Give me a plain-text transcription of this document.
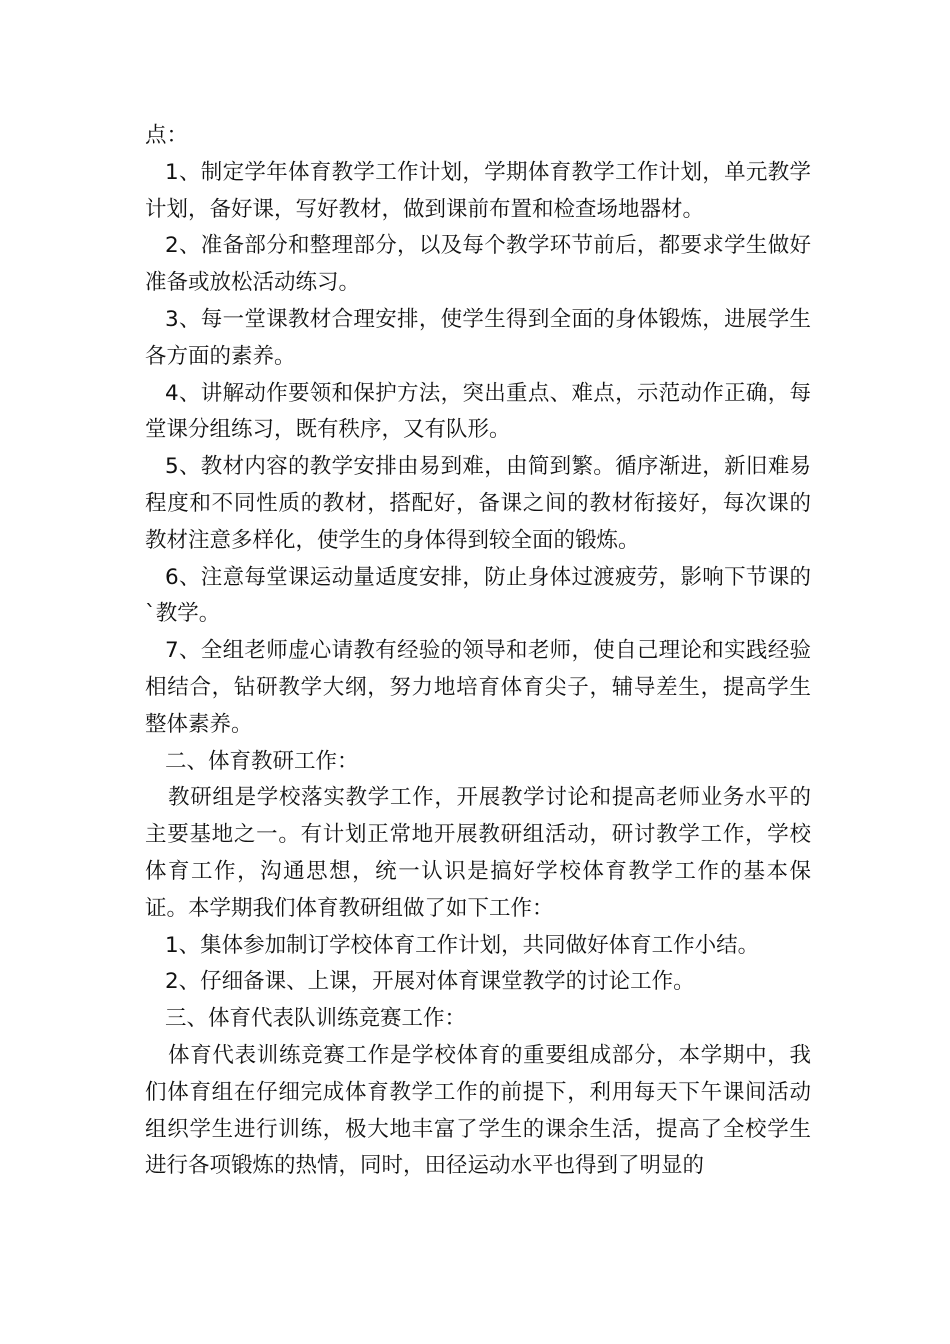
点：

1、制定学年体育教学工作计划，学期体育教学工作计划，单元教学计划，备好课，写好教材，做到课前布置和检查场地器材。

2、准备部分和整理部分，以及每个教学环节前后，都要求学生做好准备或放松活动练习。

3、每一堂课教材合理安排，使学生得到全面的身体锻炼，进展学生各方面的素养。

4、讲解动作要领和保护方法，突出重点、难点，示范动作正确，每堂课分组练习，既有秩序，又有队形。

5、教材内容的教学安排由易到难，由简到繁。循序渐进，新旧难易程度和不同性质的教材，搭配好，备课之间的教材衔接好，每次课的教材注意多样化，使学生的身体得到较全面的锻炼。

6、注意每堂课运动量适度安排，防止身体过渡疲劳，影响下节课的`教学。

7、全组老师虚心请教有经验的领导和老师，使自己理论和实践经验相结合，钻研教学大纲，努力地培育体育尖子，辅导差生，提高学生整体素养。

二、体育教研工作：

教研组是学校落实教学工作，开展教学讨论和提高老师业务水平的主要基地之一。有计划正常地开展教研组活动，研讨教学工作，学校体育工作，沟通思想，统一认识是搞好学校体育教学工作的基本保证。本学期我们体育教研组做了如下工作：

1、集体参加制订学校体育工作计划，共同做好体育工作小结。

2、仔细备课、上课，开展对体育课堂教学的讨论工作。

三、体育代表队训练竞赛工作：

体育代表训练竞赛工作是学校体育的重要组成部分，本学期中，我们体育组在仔细完成体育教学工作的前提下，利用每天下午课间活动组织学生进行训练，极大地丰富了学生的课余生活，提高了全校学生进行各项锻炼的热情，同时，田径运动水平也得到了明显的
